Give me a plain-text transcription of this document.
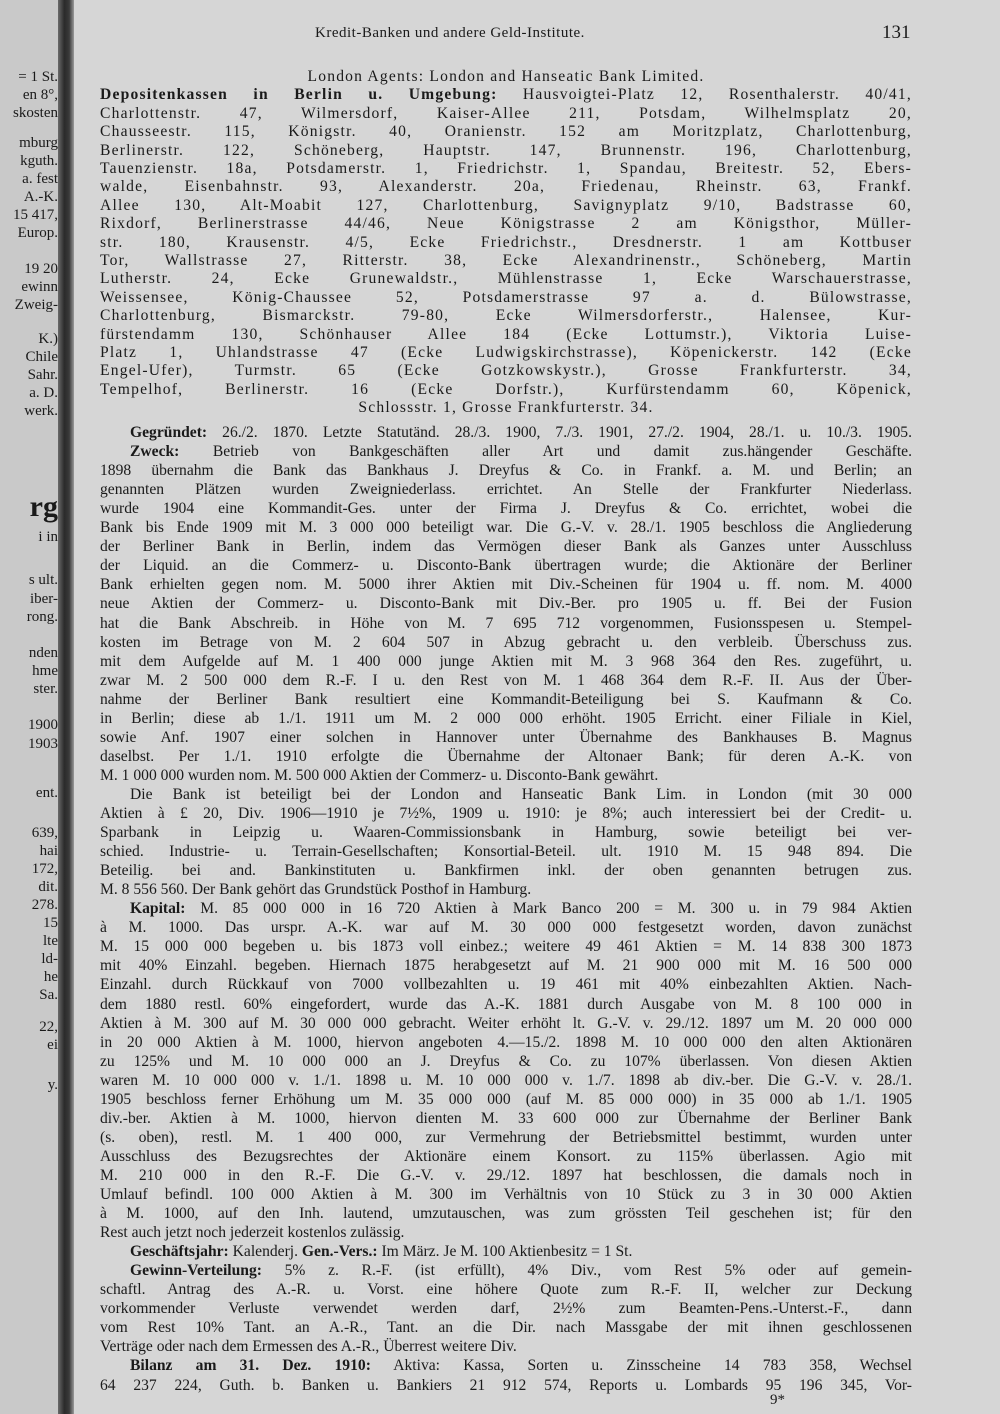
Kredit-Banken und andere Geld-Institute.	131
London Agents: London and Hanseatic Bank Limited.
Depositenkassen in Berlin u. Umgebung: Hausvoigtei-Platz 12, Rosenthalerstr. 40/41,
Charlottenstr. 47, Wilmersdorf, Kaiser-Allee 211, Potsdam, Wilhelmsplatz 20,
Chausseestr. 115, Königstr. 40, Oranienstr. 152 am Moritzplatz, Charlottenburg,
Berlinerstr. 122, Schöneberg, Hauptstr. 147, Brunnenstr. 196, Charlottenburg,
Tauenzienstr. 18a, Potsdamerstr. 1, Friedrichstr. 1, Spandau, Breitestr. 52, Ebers-
walde, Eisenbahnstr. 93, Alexanderstr. 20a, Friedenau, Rheinstr. 63, Frankf.
Allee 130, Alt-Moabit 127, Charlottenburg, Savignyplatz 9/10, Badstrasse 60,
Rixdorf, Berlinerstrasse 44/46, Neue Königstrasse 2 am Königsthor, Müller-
str. 180, Krausenstr. 4/5, Ecke Friedrichstr., Dresdnerstr. 1 am Kottbuser
Tor, Wallstrasse 27, Ritterstr. 38, Ecke Alexandrinenstr., Schöneberg, Martin
Lutherstr. 24, Ecke Grunewaldstr., Mühlenstrasse 1, Ecke Warschauerstrasse,
Weissensee, König-Chaussee 52, Potsdamerstrasse 97 a. d. Bülowstrasse,
Charlottenburg, Bismarckstr. 79-80, Ecke Wilmersdorferstr., Halensee, Kur-
fürstendamm 130, Schönhauser Allee 184 (Ecke Lottumstr.), Viktoria Luise-
Platz 1, Uhlandstrasse 47 (Ecke Ludwigskirchstrasse), Köpenickerstr. 142 (Ecke
Engel-Ufer), Turmstr. 65 (Ecke Gotzkowskystr.), Grosse Frankfurterstr. 34,
Tempelhof, Berlinerstr. 16 (Ecke Dorfstr.), Kurfürstendamm 60, Köpenick,
Schlossstr. 1, Grosse Frankfurterstr. 34.
Gegründet: 26./2. 1870. Letzte Statutänd. 28./3. 1900, 7./3. 1901, 27./2. 1904, 28./1. u. 10./3. 1905.
Zweck: Betrieb von Bankgeschäften aller Art und damit zus.hängender Geschäfte.
1898 übernahm die Bank das Bankhaus J. Dreyfus & Co. in Frankf. a. M. und Berlin; an
genannten Plätzen wurden Zweigniederlass. errichtet. An Stelle der Frankfurter Niederlass.
wurde 1904 eine Kommandit-Ges. unter der Firma J. Dreyfus & Co. errichtet, wobei die
Bank bis Ende 1909 mit M. 3 000 000 beteiligt war. Die G.-V. v. 28./1. 1905 beschloss die Angliederung
der Berliner Bank in Berlin, indem das Vermögen dieser Bank als Ganzes unter Ausschluss
der Liquid. an die Commerz- u. Disconto-Bank übertragen wurde; die Aktionäre der Berliner
Bank erhielten gegen nom. M. 5000 ihrer Aktien mit Div.-Scheinen für 1904 u. ff. nom. M. 4000
neue Aktien der Commerz- u. Disconto-Bank mit Div.-Ber. pro 1905 u. ff. Bei der Fusion
hat die Bank Abschreib. in Höhe von M. 7 695 712 vorgenommen, Fusionsspesen u. Stempel-
kosten im Betrage von M. 2 604 507 in Abzug gebracht u. den verbleib. Überschuss zus.
mit dem Aufgelde auf M. 1 400 000 junge Aktien mit M. 3 968 364 den Res. zugeführt, u.
zwar M. 2 500 000 dem R.-F. I u. den Rest von M. 1 468 364 dem R.-F. II. Aus der Über-
nahme der Berliner Bank resultiert eine Kommandit-Beteiligung bei S. Kaufmann & Co.
in Berlin; diese ab 1./1. 1911 um M. 2 000 000 erhöht. 1905 Erricht. einer Filiale in Kiel,
sowie Anf. 1907 einer solchen in Hannover unter Übernahme des Bankhauses B. Magnus
daselbst. Per 1./1. 1910 erfolgte die Übernahme der Altonaer Bank; für deren A.-K. von
M. 1 000 000 wurden nom. M. 500 000 Aktien der Commerz- u. Disconto-Bank gewährt.
Die Bank ist beteiligt bei der London and Hanseatic Bank Lim. in London (mit 30 000
Aktien à £ 20, Div. 1906—1910 je 7½%, 1909 u. 1910: je 8%; auch interessiert bei der Credit- u.
Sparbank in Leipzig u. Waaren-Commissionsbank in Hamburg, sowie beteiligt bei ver-
schied. Industrie- u. Terrain-Gesellschaften; Konsortial-Beteil. ult. 1910 M. 15 948 894. Die
Beteilig. bei and. Bankinstituten u. Bankfirmen inkl. der oben genannten betrugen zus.
M. 8 556 560. Der Bank gehört das Grundstück Posthof in Hamburg.
Kapital: M. 85 000 000 in 16 720 Aktien à Mark Banco 200 = M. 300 u. in 79 984 Aktien
à M. 1000. Das urspr. A.-K. war auf M. 30 000 000 festgesetzt worden, davon zunächst
M. 15 000 000 begeben u. bis 1873 voll einbez.; weitere 49 461 Aktien = M. 14 838 300 1873
mit 40% Einzahl. begeben. Hiernach 1875 herabgesetzt auf M. 21 900 000 mit M. 16 500 000
Einzahl. durch Rückkauf von 7000 vollbezahlten u. 19 461 mit 40% einbezahlten Aktien. Nach-
dem 1880 restl. 60% eingefordert, wurde das A.-K. 1881 durch Ausgabe von M. 8 100 000 in
Aktien à M. 300 auf M. 30 000 000 gebracht. Weiter erhöht lt. G.-V. v. 29./12. 1897 um M. 20 000 000
in 20 000 Aktien à M. 1000, hiervon angeboten 4.—15./2. 1898 M. 10 000 000 den alten Aktionären
zu 125% und M. 10 000 000 an J. Dreyfus & Co. zu 107% überlassen. Von diesen Aktien
waren M. 10 000 000 v. 1./1. 1898 u. M. 10 000 000 v. 1./7. 1898 ab div.-ber. Die G.-V. v. 28./1.
1905 beschloss ferner Erhöhung um M. 35 000 000 (auf M. 85 000 000) in 35 000 ab 1./1. 1905
div.-ber. Aktien à M. 1000, hiervon dienten M. 33 600 000 zur Übernahme der Berliner Bank
(s. oben), restl. M. 1 400 000, zur Vermehrung der Betriebsmittel bestimmt, wurden unter
Ausschluss des Bezugsrechtes der Aktionäre einem Konsort. zu 115% überlassen. Agio mit
M. 210 000 in den R.-F. Die G.-V. v. 29./12. 1897 hat beschlossen, die damals noch in
Umlauf befindl. 100 000 Aktien à M. 300 im Verhältnis von 10 Stück zu 3 in 30 000 Aktien
à M. 1000, auf den Inh. lautend, umzutauschen, was zum grössten Teil geschehen ist; für den
Rest auch jetzt noch jederzeit kostenlos zulässig.
Geschäftsjahr: Kalenderj. Gen.-Vers.: Im März. Je M. 100 Aktienbesitz = 1 St.
Gewinn-Verteilung: 5% z. R.-F. (ist erfüllt), 4% Div., vom Rest 5% oder auf gemein-
schaftl. Antrag des A.-R. u. Vorst. eine höhere Quote zum R.-F. II, welcher zur Deckung
vorkommender Verluste verwendet werden darf, 2½% zum Beamten-Pens.-Unterst.-F., dann
vom Rest 10% Tant. an A.-R., Tant. an die Dir. nach Massgabe der mit ihnen geschlossenen
Verträge oder nach dem Ermessen des A.-R., Überrest weitere Div.
Bilanz am 31. Dez. 1910: Aktiva: Kassa, Sorten u. Zinsscheine 14 783 358, Wechsel
64 237 224, Guth. b. Banken u. Bankiers 21 912 574, Reports u. Lombards 95 196 345, Vor-
9*
= 1 St.
en 8°,
skosten
mburg
kguth.
a. fest
A.-K.
15 417,
Europ.
19 20
ewinn
Zweig-
K.)
Chile
Sahr.
a. D.
werk.
rg
i in
s ult.
iber-
rong.
nden
hme
ster.
1900
1903
ent.
639,
hai
172,
dit.
278.
15
lte
ld-
he
Sa.
22,
ei
y.
